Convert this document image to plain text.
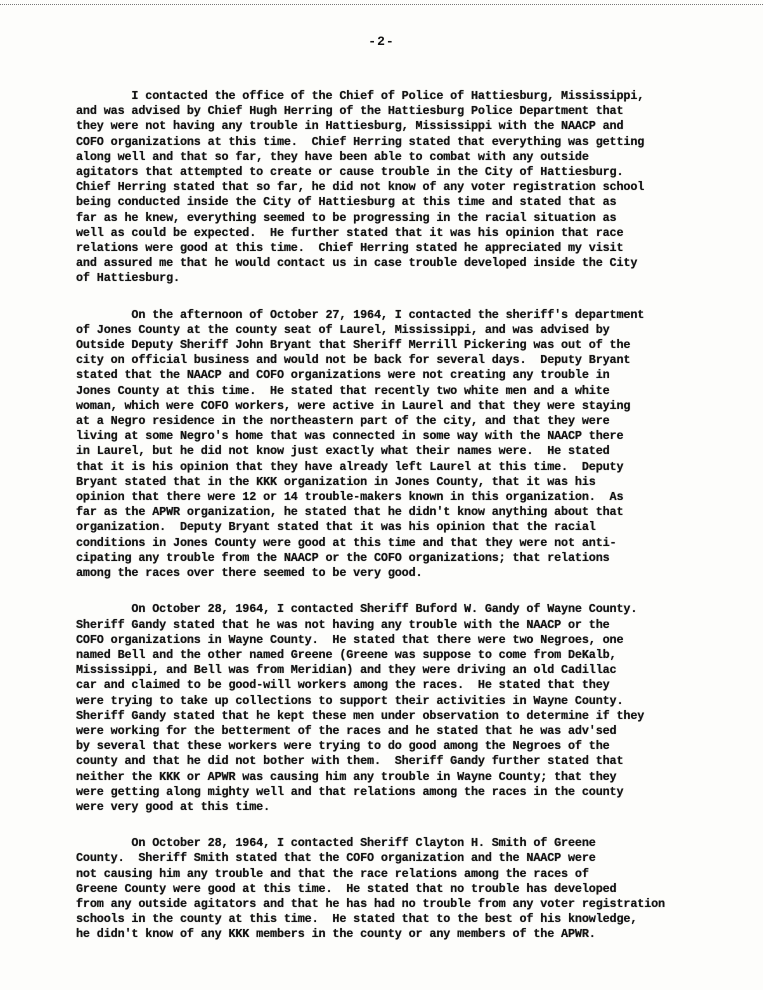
-2-
I contacted the office of the Chief of Police of Hattiesburg, Mississippi,
and was advised by Chief Hugh Herring of the Hattiesburg Police Department that
they were not having any trouble in Hattiesburg, Mississippi with the NAACP and
COFO organizations at this time.  Chief Herring stated that everything was getting
along well and that so far, they have been able to combat with any outside
agitators that attempted to create or cause trouble in the City of Hattiesburg.
Chief Herring stated that so far, he did not know of any voter registration school
being conducted inside the City of Hattiesburg at this time and stated that as
far as he knew, everything seemed to be progressing in the racial situation as
well as could be expected.  He further stated that it was his opinion that race
relations were good at this time.  Chief Herring stated he appreciated my visit
and assured me that he would contact us in case trouble developed inside the City
of Hattiesburg.
On the afternoon of October 27, 1964, I contacted the sheriff's department
of Jones County at the county seat of Laurel, Mississippi, and was advised by
Outside Deputy Sheriff John Bryant that Sheriff Merrill Pickering was out of the
city on official business and would not be back for several days.  Deputy Bryant
stated that the NAACP and COFO organizations were not creating any trouble in
Jones County at this time.  He stated that recently two white men and a white
woman, which were COFO workers, were active in Laurel and that they were staying
at a Negro residence in the northeastern part of the city, and that they were
living at some Negro's home that was connected in some way with the NAACP there
in Laurel, but he did not know just exactly what their names were.  He stated
that it is his opinion that they have already left Laurel at this time.  Deputy
Bryant stated that in the KKK organization in Jones County, that it was his
opinion that there were 12 or 14 trouble-makers known in this organization.  As
far as the APWR organization, he stated that he didn't know anything about that
organization.  Deputy Bryant stated that it was his opinion that the racial
conditions in Jones County were good at this time and that they were not anti-
cipating any trouble from the NAACP or the COFO organizations; that relations
among the races over there seemed to be very good.
On October 28, 1964, I contacted Sheriff Buford W. Gandy of Wayne County.
Sheriff Gandy stated that he was not having any trouble with the NAACP or the
COFO organizations in Wayne County.  He stated that there were two Negroes, one
named Bell and the other named Greene (Greene was suppose to come from DeKalb,
Mississippi, and Bell was from Meridian) and they were driving an old Cadillac
car and claimed to be good-will workers among the races.  He stated that they
were trying to take up collections to support their activities in Wayne County.
Sheriff Gandy stated that he kept these men under observation to determine if they
were working for the betterment of the races and he stated that he was adv'sed
by several that these workers were trying to do good among the Negroes of the
county and that he did not bother with them.  Sheriff Gandy further stated that
neither the KKK or APWR was causing him any trouble in Wayne County; that they
were getting along mighty well and that relations among the races in the county
were very good at this time.
On October 28, 1964, I contacted Sheriff Clayton H. Smith of Greene
County.  Sheriff Smith stated that the COFO organization and the NAACP were
not causing him any trouble and that the race relations among the races of
Greene County were good at this time.  He stated that no trouble has developed
from any outside agitators and that he has had no trouble from any voter registration
schools in the county at this time.  He stated that to the best of his knowledge,
he didn't know of any KKK members in the county or any members of the APWR.
